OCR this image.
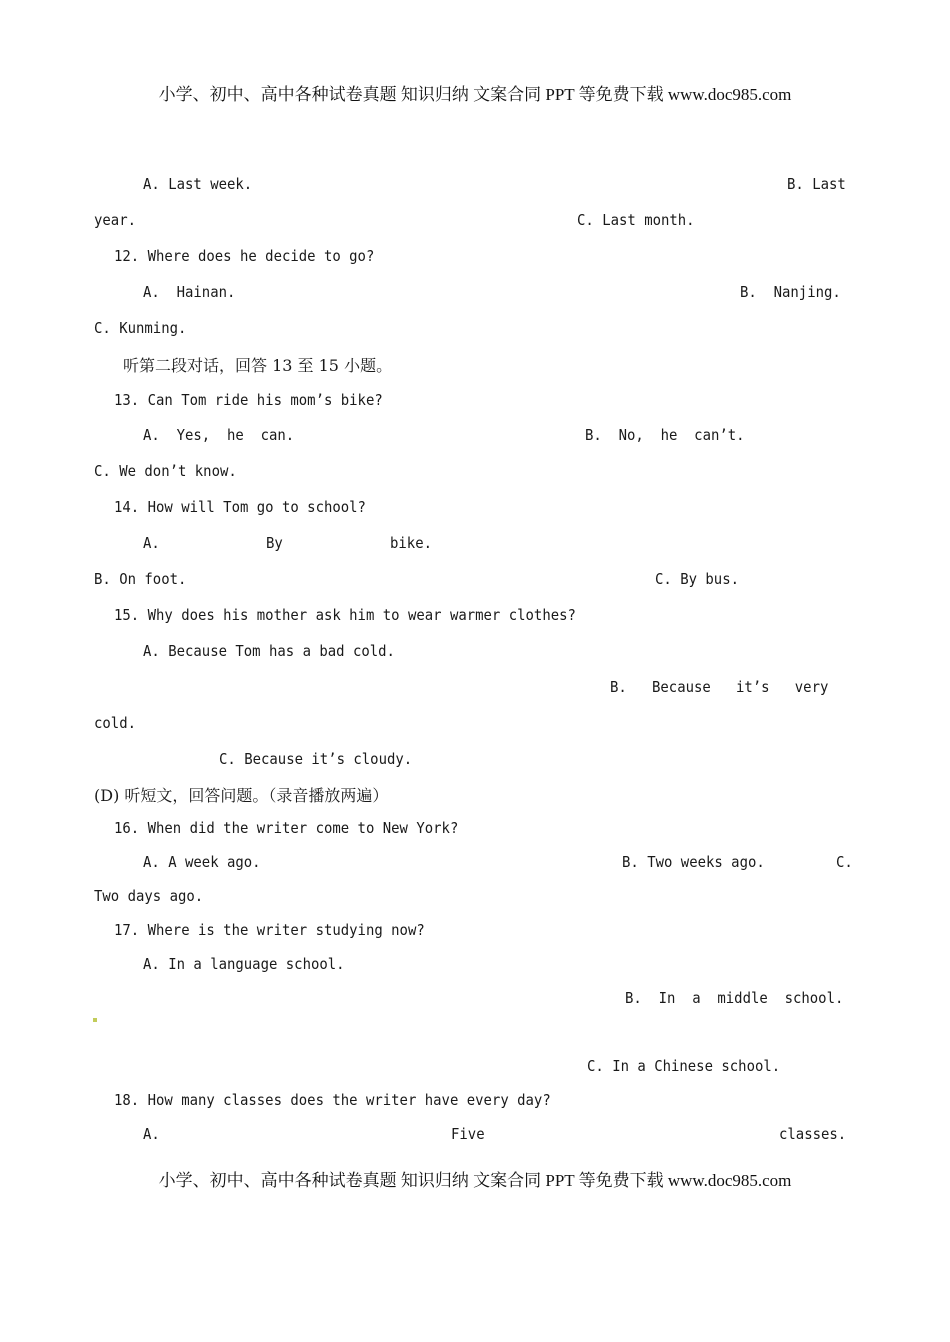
小学、初中、高中各种试卷真题 知识归纳 文案合同 PPT 等免费下载 www.doc985.com
A. Last week.	B. Last
year.	C. Last month.
12. Where does he decide to go?
A.  Hainan.	B.  Nanjing.
C. Kunming.
听第二段对话，回答 13 至 15 小题。
13. Can Tom ride his mom’s bike?
A.  Yes,  he  can.	B.  No,  he  can’t.
C. We don’t know.
14. How will Tom go to school?
A.	By	bike.
B. On foot.	C. By bus.
15. Why does his mother ask him to wear warmer clothes?
A. Because Tom has a bad cold.
B.   Because   it’s   very
cold.
C. Because it’s cloudy.
(D) 听短文，回答问题。（录音播放两遍）
16. When did the writer come to New York?
A. A week ago.	B. Two weeks ago.	C.
Two days ago.
17. Where is the writer studying now?
A. In a language school.
B.  In  a  middle  school.
C. In a Chinese school.
18. How many classes does the writer have every day?
A.	Five	classes.
小学、初中、高中各种试卷真题 知识归纳 文案合同 PPT 等免费下载 www.doc985.com
